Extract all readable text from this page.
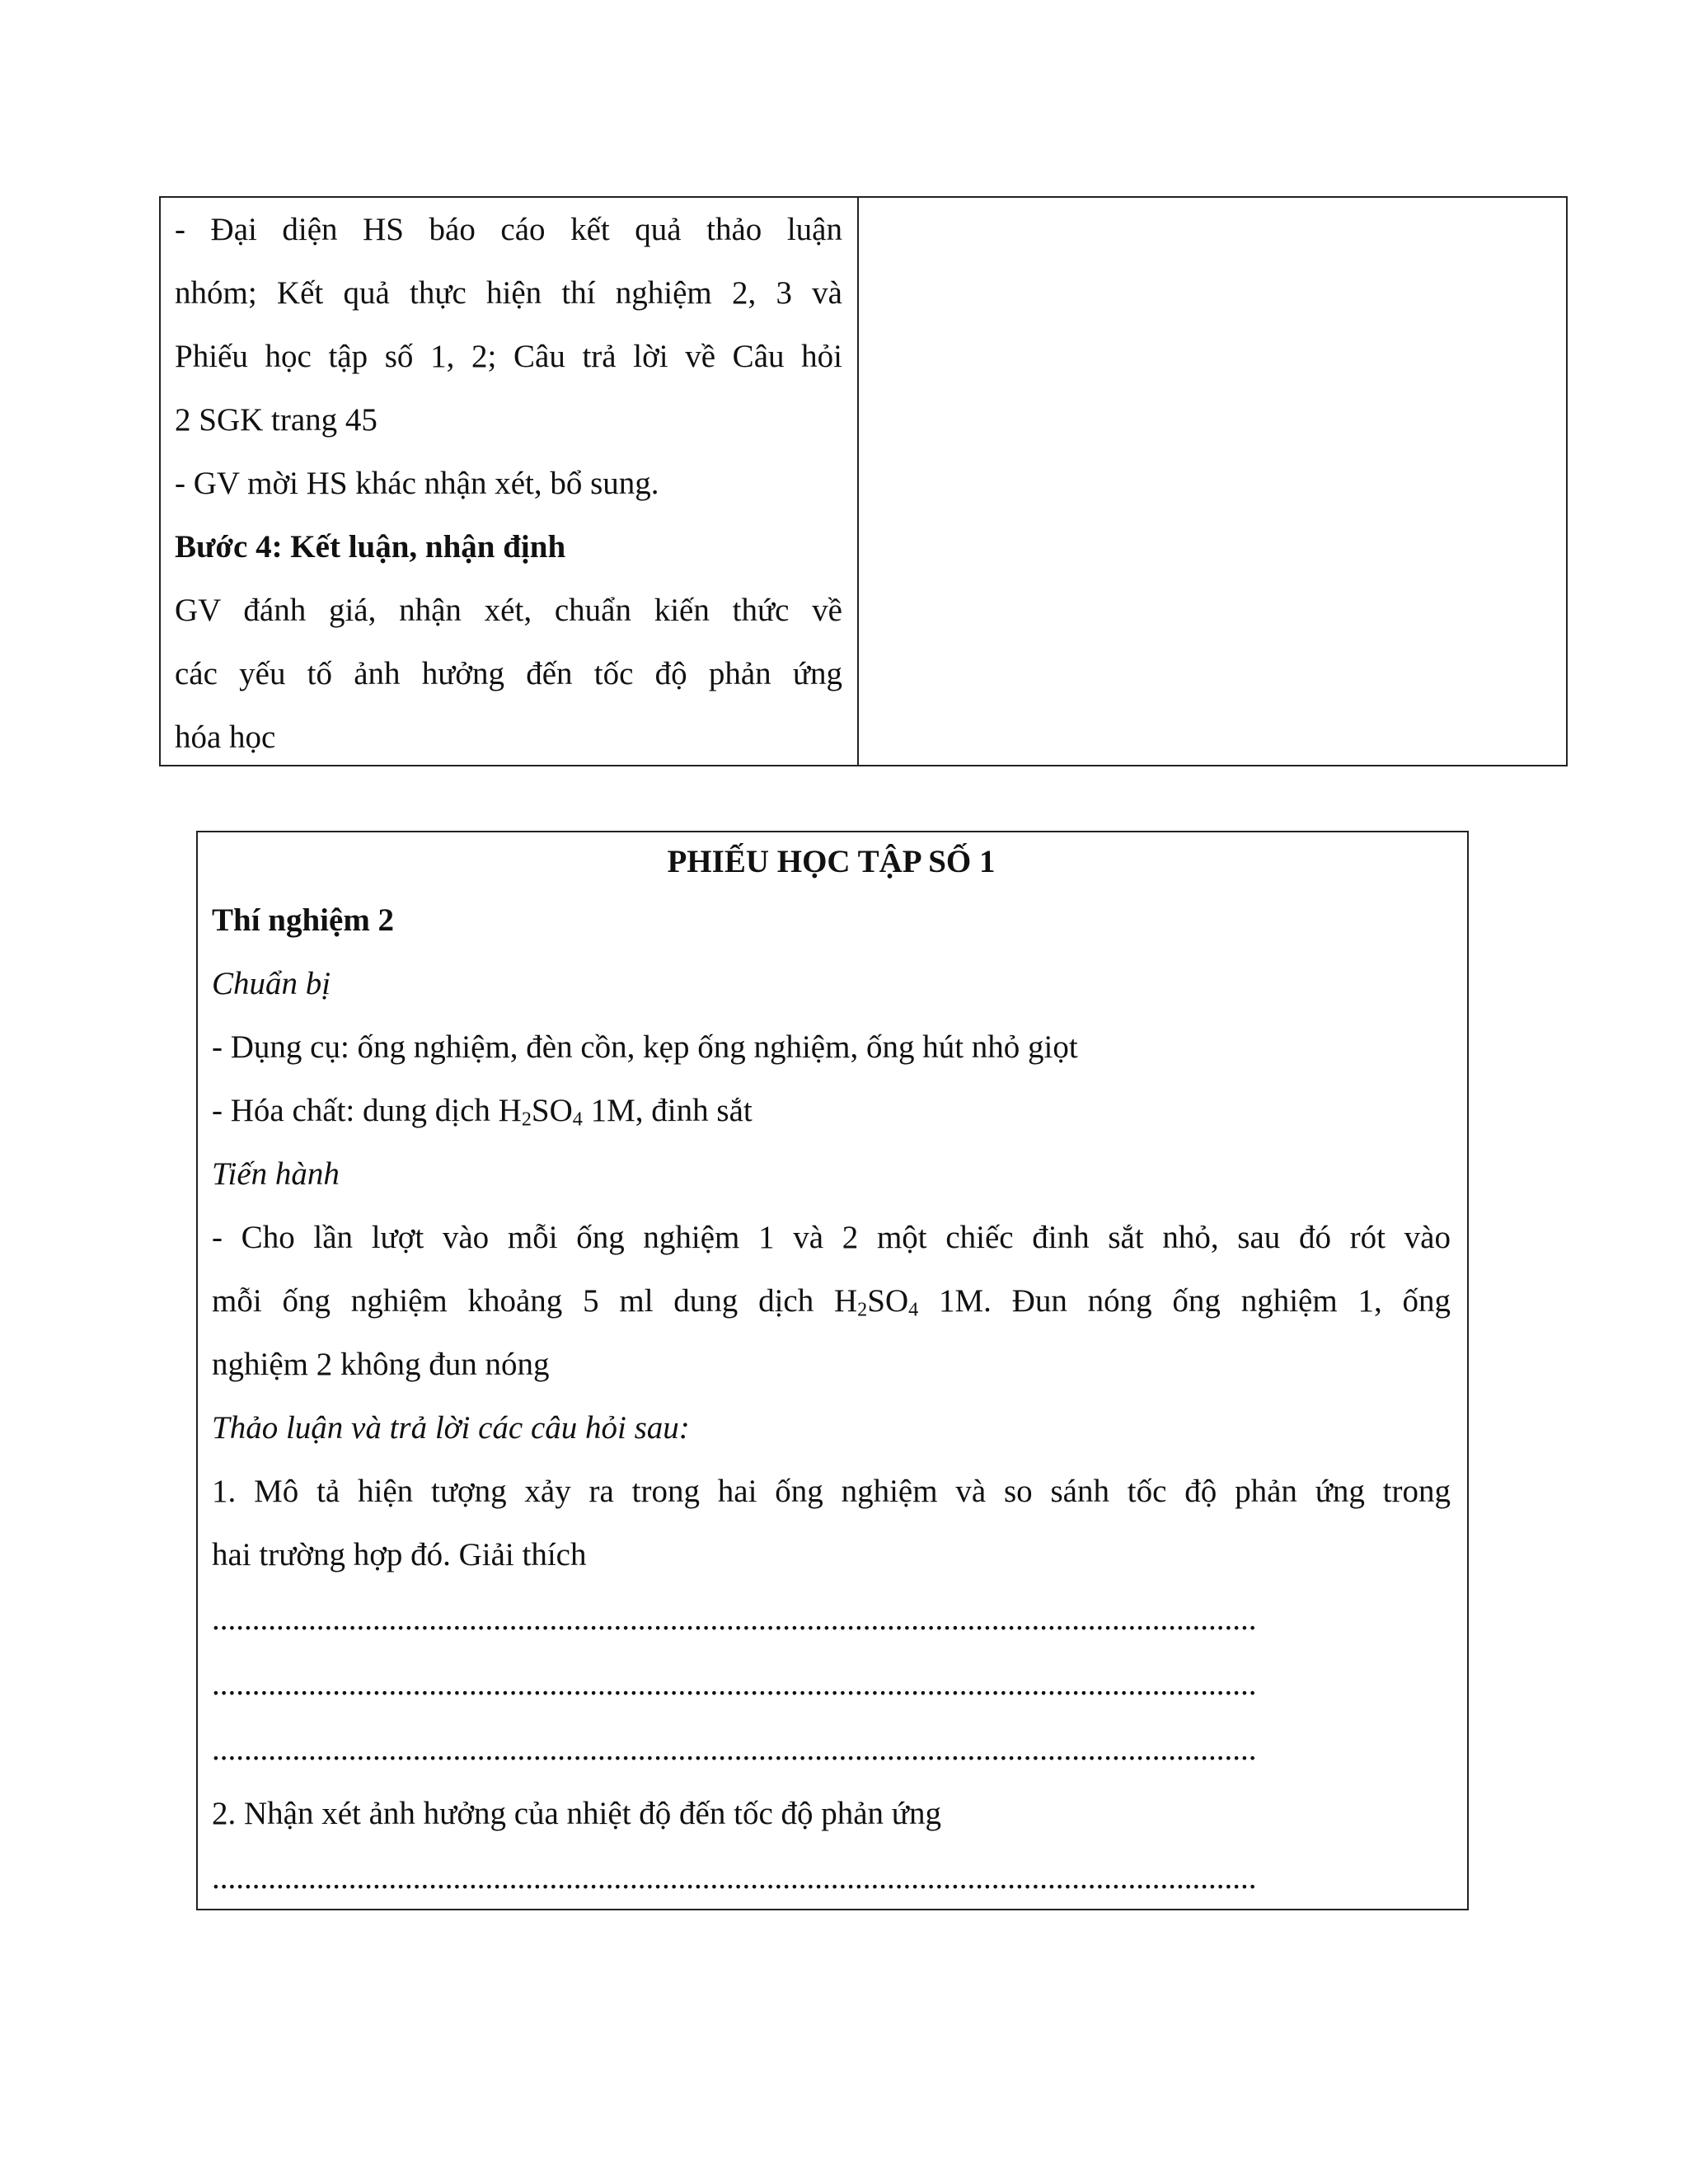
- Đại diện HS báo cáo kết quả thảo luận
nhóm; Kết quả thực hiện thí nghiệm 2, 3 và
Phiếu học tập số 1, 2; Câu trả lời về Câu hỏi
2 SGK trang 45
- GV mời HS khác nhận xét, bổ sung.
Bước 4: Kết luận, nhận định
GV đánh giá, nhận xét, chuẩn kiến thức về
các yếu tố ảnh hưởng đến tốc độ phản ứng
hóa học
PHIẾU HỌC TẬP SỐ 1
Thí nghiệm 2
Chuẩn bị
- Dụng cụ: ống nghiệm, đèn cồn, kẹp ống nghiệm, ống hút nhỏ giọt
- Hóa chất: dung dịch $H_2SO_4$ 1M, đinh sắt
Tiến hành
- Cho lần lượt vào mỗi ống nghiệm 1 và 2 một chiếc đinh sắt nhỏ, sau đó rót vào
mỗi ống nghiệm khoảng 5 ml dung dịch $H_2SO_4$ 1M. Đun nóng ống nghiệm 1, ống
nghiệm 2 không đun nóng
Thảo luận và trả lời các câu hỏi sau:
1. Mô tả hiện tượng xảy ra trong hai ống nghiệm và so sánh tốc độ phản ứng trong
hai trường hợp đó. Giải thích
..................................................................................................................................
..................................................................................................................................
..................................................................................................................................
2. Nhận xét ảnh hưởng của nhiệt độ đến tốc độ phản ứng
..................................................................................................................................
